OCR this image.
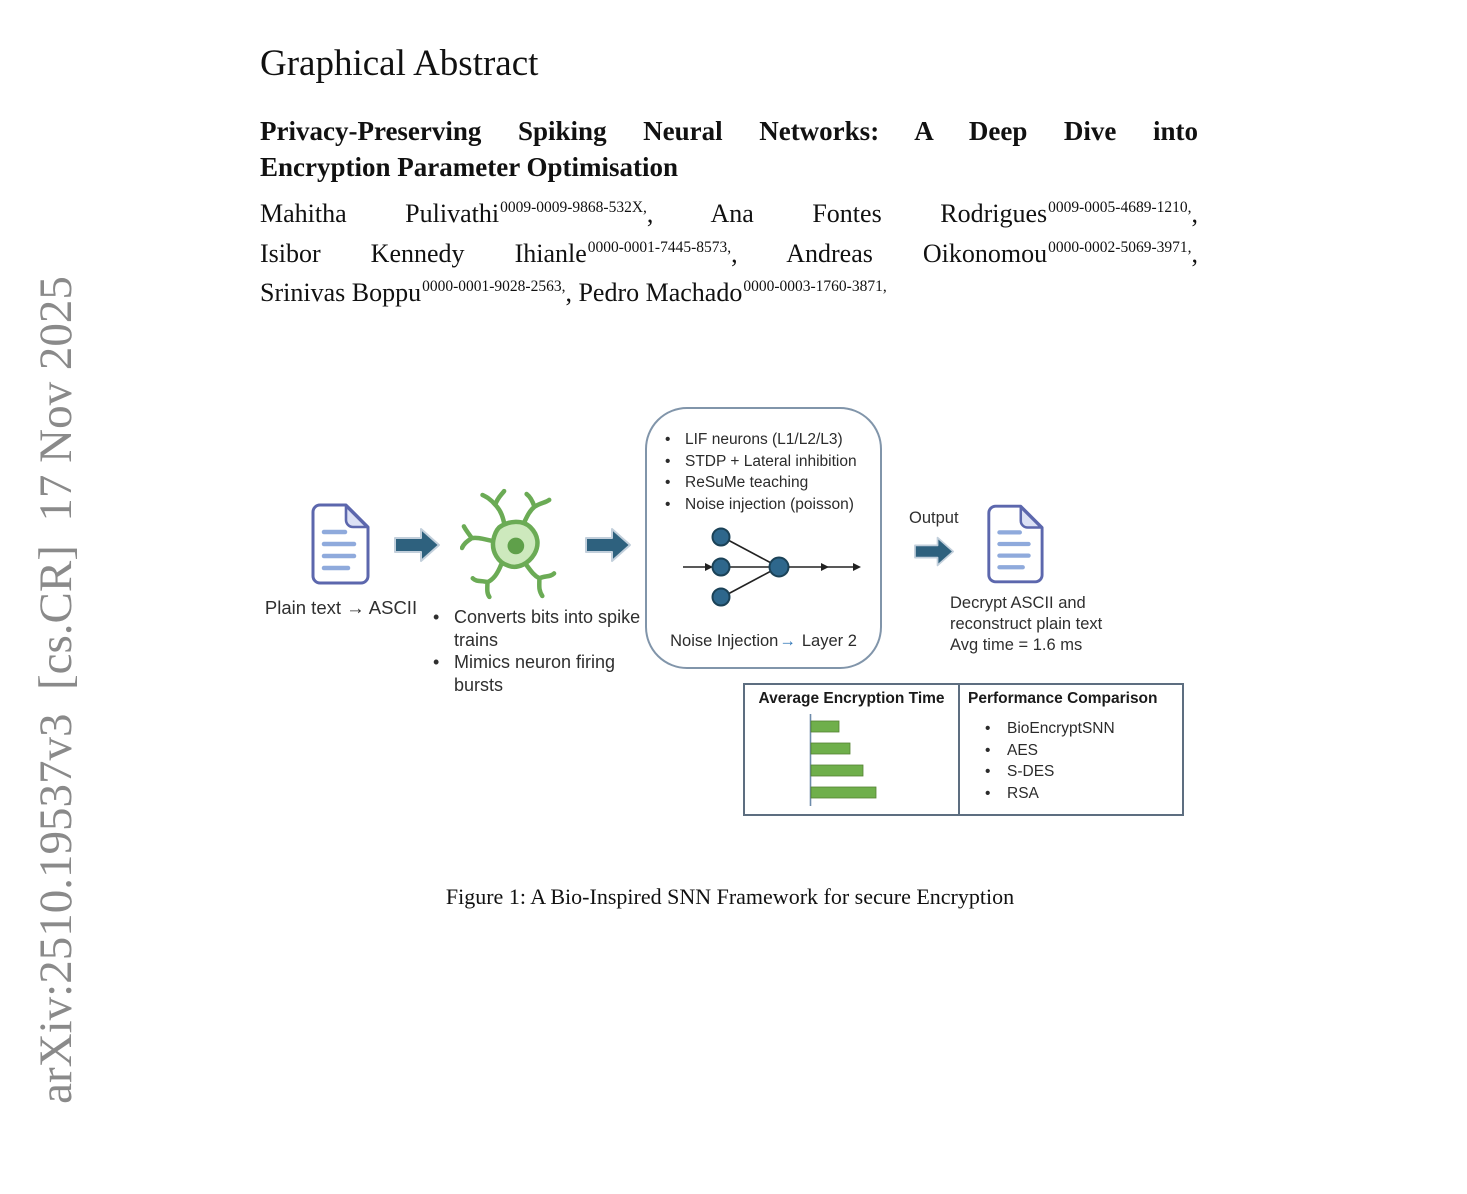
arXiv:2510.19537v3  [cs.CR]  17 Nov 2025
Graphical Abstract
Privacy-Preserving Spiking Neural Networks: A Deep Dive into
Encryption Parameter Optimisation
Mahitha Pulivathi$^{0009-0009-9868-532X,}$, Ana Fontes Rodrigues$^{0009-0005-4689-1210,}$,
Isibor Kennedy Ihianle$^{0000-0001-7445-8573,}$, Andreas Oikonomou$^{0000-0002-5069-3971,}$,
Srinivas Boppu$^{0000-0001-9028-2563,}$, Pedro Machado$^{0000-0003-1760-3871,}$
Plain text → ASCII	• Converts bits into spike trains
• Mimics neuron firing bursts
• LIF neurons (L1/L2/L3)
• STDP + Lateral inhibition
• ReSuMe teaching
• Noise injection (poisson)
Noise Injection→ Layer 2
Output
Decrypt ASCII and
reconstruct plain text
Avg time = 1.6 ms
Average Encryption Time	Performance Comparison
• BioEncryptSNN
• AES
• S-DES
• RSA
Figure 1: A Bio-Inspired SNN Framework for secure Encryption
